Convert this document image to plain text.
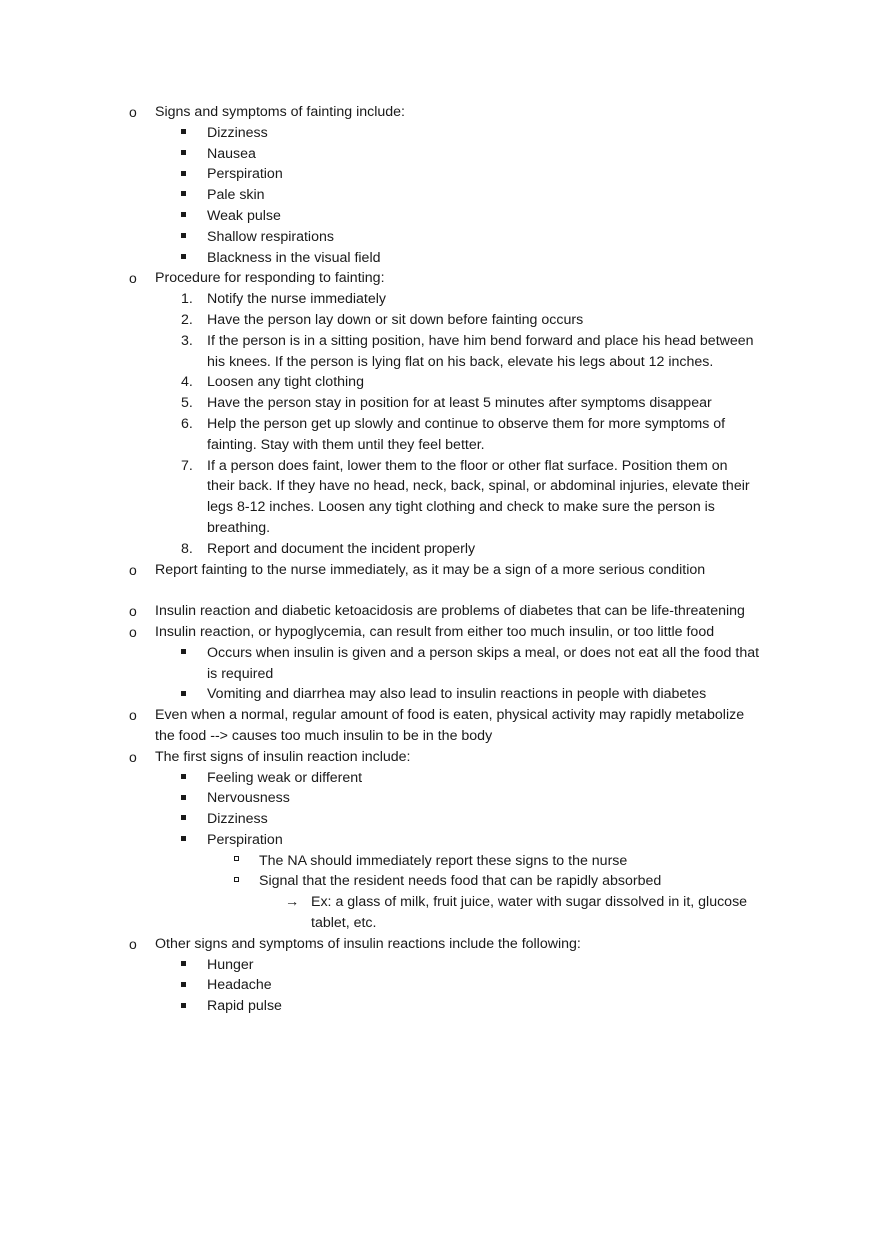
o Signs and symptoms of fainting include:
Dizziness
Nausea
Perspiration
Pale skin
Weak pulse
Shallow respirations
Blackness in the visual field
o Procedure for responding to fainting:
1. Notify the nurse immediately
2. Have the person lay down or sit down before fainting occurs
3. If the person is in a sitting position, have him bend forward and place his head between
his knees. If the person is lying flat on his back, elevate his legs about 12 inches.
4. Loosen any tight clothing
5. Have the person stay in position for at least 5 minutes after symptoms disappear
6. Help the person get up slowly and continue to observe them for more symptoms of
fainting. Stay with them until they feel better.
7. If a person does faint, lower them to the floor or other flat surface. Position them on
their back. If they have no head, neck, back, spinal, or abdominal injuries, elevate their
legs 8-12 inches. Loosen any tight clothing and check to make sure the person is
breathing.
8. Report and document the incident properly
o Report fainting to the nurse immediately, as it may be a sign of a more serious condition
o Insulin reaction and diabetic ketoacidosis are problems of diabetes that can be life-threatening
o Insulin reaction, or hypoglycemia, can result from either too much insulin, or too little food
Occurs when insulin is given and a person skips a meal, or does not eat all the food that
is required
Vomiting and diarrhea may also lead to insulin reactions in people with diabetes
o Even when a normal, regular amount of food is eaten, physical activity may rapidly metabolize
the food --> causes too much insulin to be in the body
o The first signs of insulin reaction include:
Feeling weak or different
Nervousness
Dizziness
Perspiration
The NA should immediately report these signs to the nurse
Signal that the resident needs food that can be rapidly absorbed
→ Ex: a glass of milk, fruit juice, water with sugar dissolved in it, glucose
tablet, etc.
o Other signs and symptoms of insulin reactions include the following:
Hunger
Headache
Rapid pulse
